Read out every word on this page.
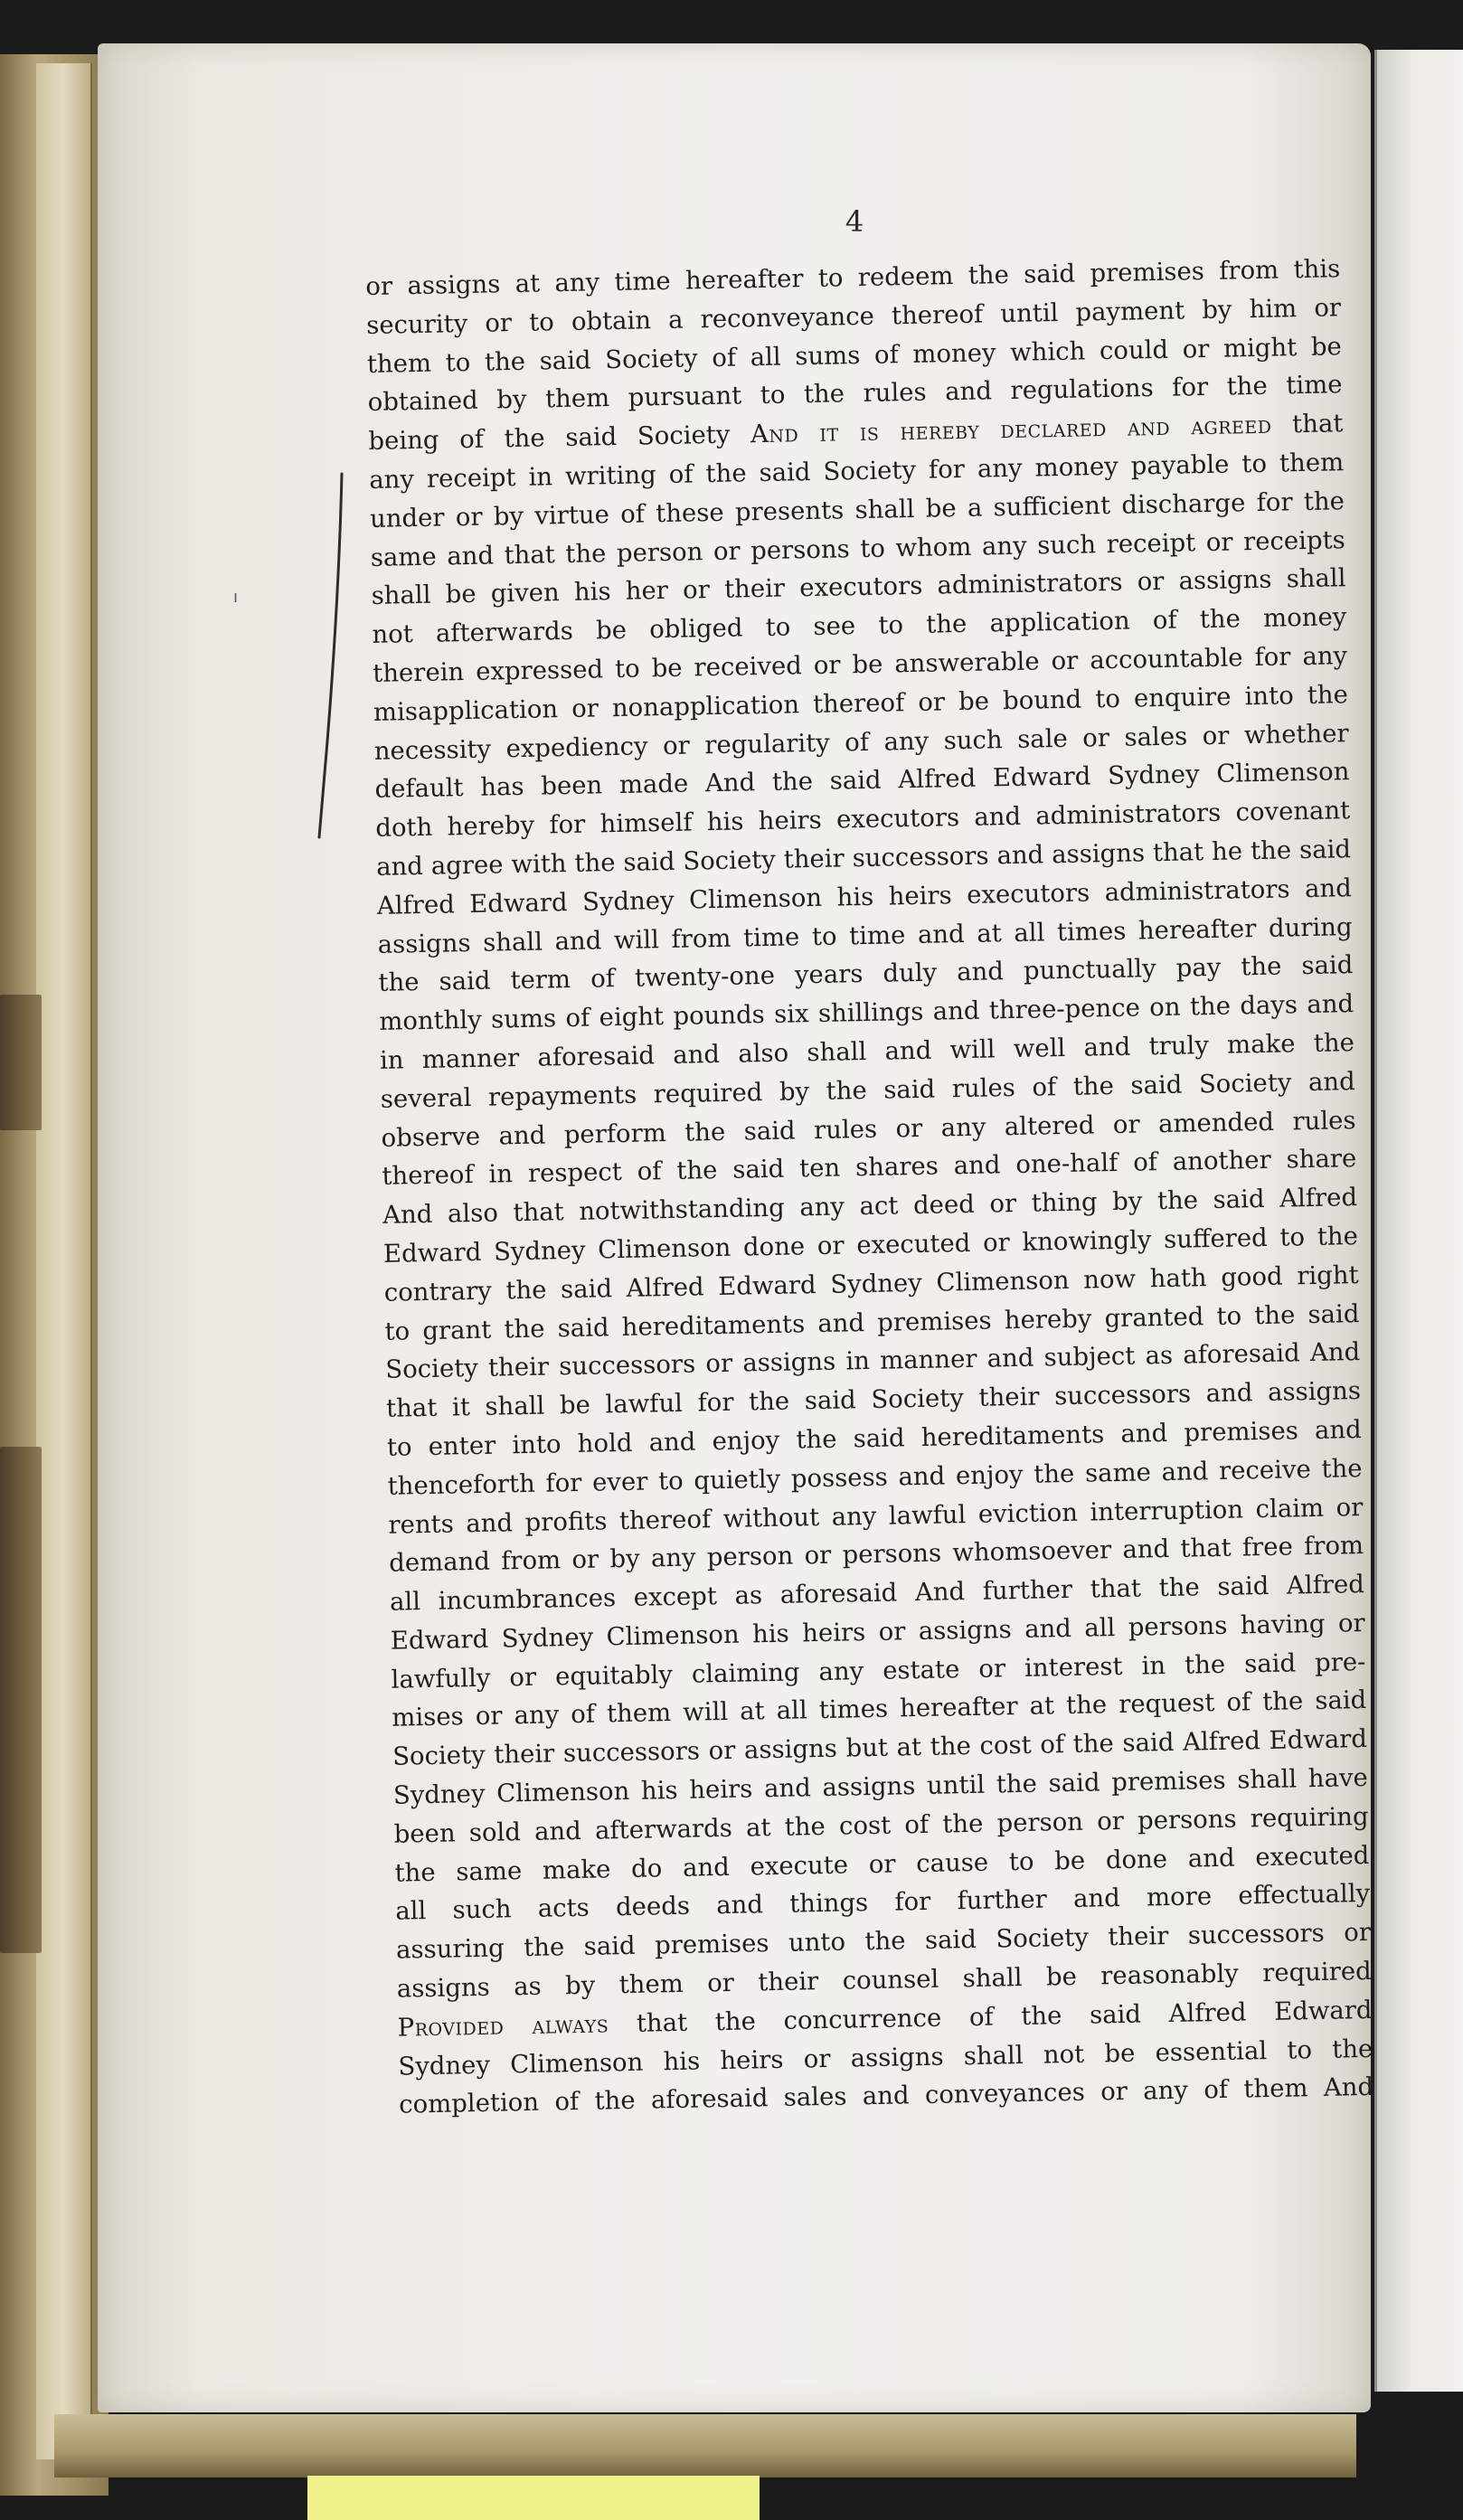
4
ı
or assigns at any time hereafter to redeem the said premises from this
security or to obtain a reconveyance thereof until payment by him or
them to the said Society of all sums of money which could or might be
obtained by them pursuant to the rules and regulations for the time
being of the said Society And it is hereby declared and agreed that
any receipt in writing of the said Society for any money payable to them
under or by virtue of these presents shall be a sufficient discharge for the
same and that the person or persons to whom any such receipt or receipts
shall be given his her or their executors administrators or assigns shall
not afterwards be obliged to see to the application of the money
therein expressed to be received or be answerable or accountable for any
misapplication or nonapplication thereof or be bound to enquire into the
necessity expediency or regularity of any such sale or sales or whether
default has been made And the said Alfred Edward Sydney Climenson
doth hereby for himself his heirs executors and administrators covenant
and agree with the said Society their successors and assigns that he the said
Alfred Edward Sydney Climenson his heirs executors administrators and
assigns shall and will from time to time and at all times hereafter during
the said term of twenty-one years duly and punctually pay the said
monthly sums of eight pounds six shillings and three-pence on the days and
in manner aforesaid and also shall and will well and truly make the
several repayments required by the said rules of the said Society and
observe and perform the said rules or any altered or amended rules
thereof in respect of the said ten shares and one-half of another share
And also that notwithstanding any act deed or thing by the said Alfred
Edward Sydney Climenson done or executed or knowingly suffered to the
contrary the said Alfred Edward Sydney Climenson now hath good right
to grant the said hereditaments and premises hereby granted to the said
Society their successors or assigns in manner and subject as aforesaid And
that it shall be lawful for the said Society their successors and assigns
to enter into hold and enjoy the said hereditaments and premises and
thenceforth for ever to quietly possess and enjoy the same and receive the
rents and profits thereof without any lawful eviction interruption claim or
demand from or by any person or persons whomsoever and that free from
all incumbrances except as aforesaid And further that the said Alfred
Edward Sydney Climenson his heirs or assigns and all persons having or
lawfully or equitably claiming any estate or interest in the said pre-
mises or any of them will at all times hereafter at the request of the said
Society their successors or assigns but at the cost of the said Alfred Edward
Sydney Climenson his heirs and assigns until the said premises shall have
been sold and afterwards at the cost of the person or persons requiring
the same make do and execute or cause to be done and executed
all such acts deeds and things for further and more effectually
assuring the said premises unto the said Society their successors or
assigns as by them or their counsel shall be reasonably required
Provided always that the concurrence of the said Alfred Edward
Sydney Climenson his heirs or assigns shall not be essential to the
completion of the aforesaid sales and conveyances or any of them And
